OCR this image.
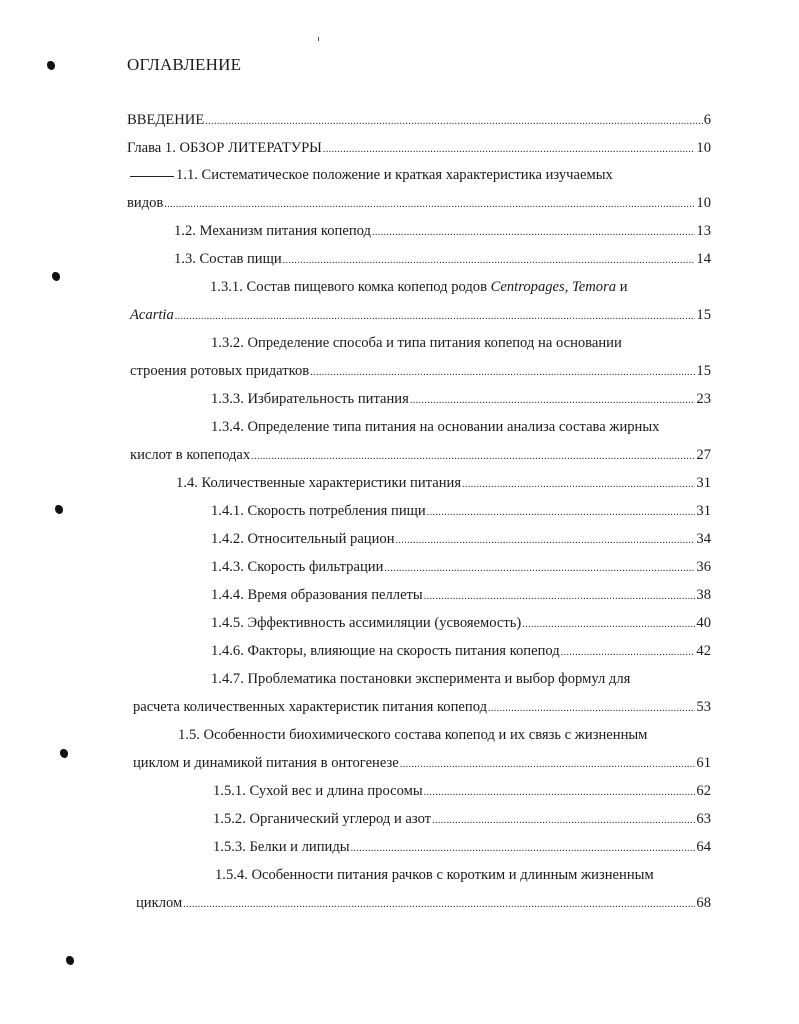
ОГЛАВЛЕНИЕ
ВВЕДЕНИЕ .....	6
Глава 1. ОБЗОР ЛИТЕРАТУРЫ .....	10
1.1. Систематическое положение и краткая характеристика изучаемых
видов .....	10
1.2. Механизм питания копепод .....	13
1.3. Состав пищи .....	14
1.3.1. Состав пищевого комка копепод родов Centropages, Temora и
Acartia .....	15
1.3.2. Определение способа и типа питания копепод на основании
строения ротовых придатков .....	15
1.3.3. Избирательность питания .....	23
1.3.4. Определение типа питания на основании анализа состава жирных
кислот в копеподах .....	27
1.4. Количественные характеристики питания .....	31
1.4.1. Скорость потребления пищи .....	31
1.4.2. Относительный рацион .....	34
1.4.3. Скорость фильтрации .....	36
1.4.4. Время образования пеллеты .....	38
1.4.5. Эффективность ассимиляции (усвояемость) .....	40
1.4.6. Факторы, влияющие на скорость питания копепод .....	42
1.4.7. Проблематика постановки эксперимента и выбор формул для
расчета количественных характеристик питания копепод .....	53
1.5. Особенности биохимического состава копепод и их связь с жизненным
циклом и динамикой питания в онтогенезе .....	61
1.5.1. Сухой вес и длина просомы .....	62
1.5.2. Органический углерод и азот .....	63
1.5.3. Белки и липиды .....	64
1.5.4. Особенности питания рачков с коротким и длинным жизненным
циклом .....	68
